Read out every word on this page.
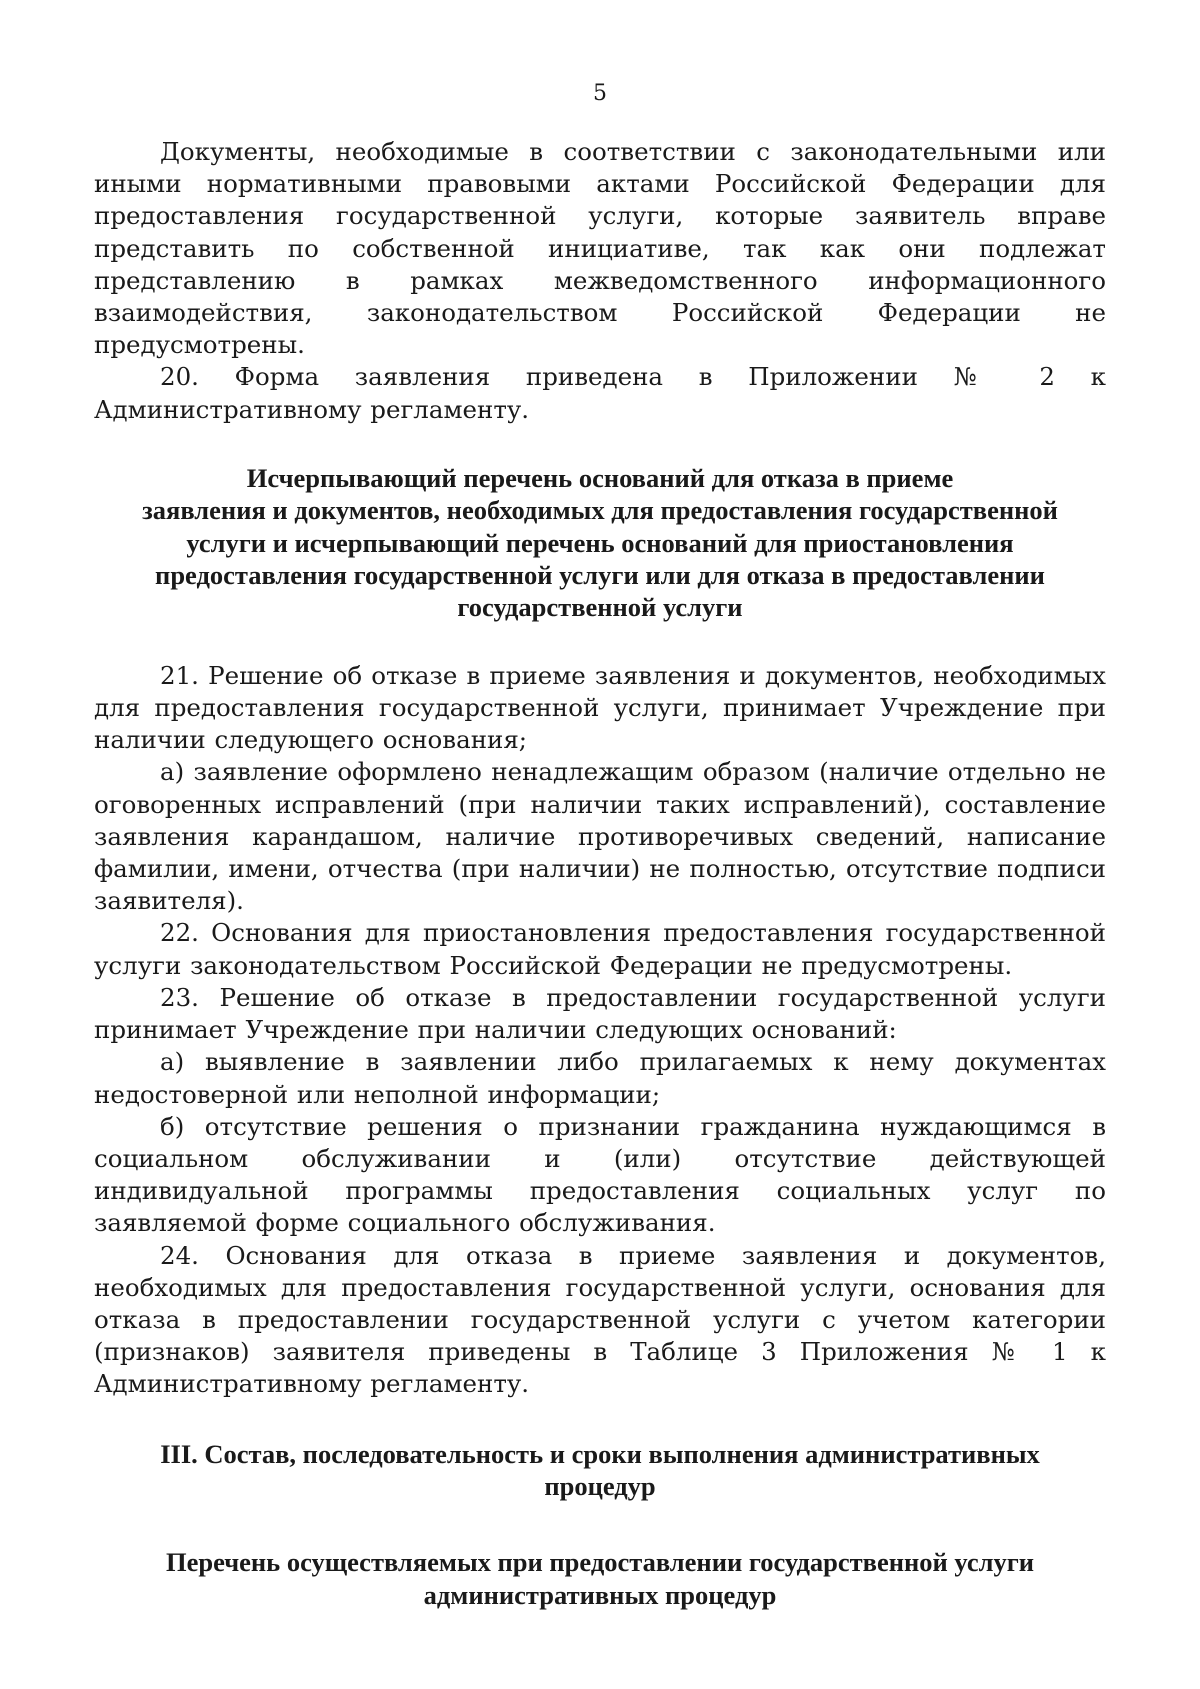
5

Документы, необходимые в соответствии с законодательными или иными нормативными правовыми актами Российской Федерации для предоставления государственной услуги, которые заявитель вправе представить по собственной инициативе, так как они подлежат представлению в рамках межведомственного информационного взаимодействия, законодательством Российской Федерации не предусмотрены.

20. Форма заявления приведена в Приложении № 2 к Административному регламенту.

Исчерпывающий перечень оснований для отказа в приеме
заявления и документов, необходимых для предоставления государственной
услуги и исчерпывающий перечень оснований для приостановления
предоставления государственной услуги или для отказа в предоставлении
государственной услуги

21. Решение об отказе в приеме заявления и документов, необходимых для предоставления государственной услуги, принимает Учреждение при наличии следующего основания;

а) заявление оформлено ненадлежащим образом (наличие отдельно не оговоренных исправлений (при наличии таких исправлений), составление заявления карандашом, наличие противоречивых сведений, написание фамилии, имени, отчества (при наличии) не полностью, отсутствие подписи заявителя).

22. Основания для приостановления предоставления государственной услуги законодательством Российской Федерации не предусмотрены.

23. Решение об отказе в предоставлении государственной услуги принимает Учреждение при наличии следующих оснований:

а) выявление в заявлении либо прилагаемых к нему документах недостоверной или неполной информации;

б) отсутствие решения о признании гражданина нуждающимся в социальном обслуживании и (или) отсутствие действующей индивидуальной программы предоставления социальных услуг по заявляемой форме социального обслуживания.

24. Основания для отказа в приеме заявления и документов, необходимых для предоставления государственной услуги, основания для отказа в предоставлении государственной услуги с учетом категории (признаков) заявителя приведены в Таблице 3 Приложения № 1 к Административному регламенту.

III. Состав, последовательность и сроки выполнения административных
процедур
Перечень осуществляемых при предоставлении государственной услуги
административных процедур
